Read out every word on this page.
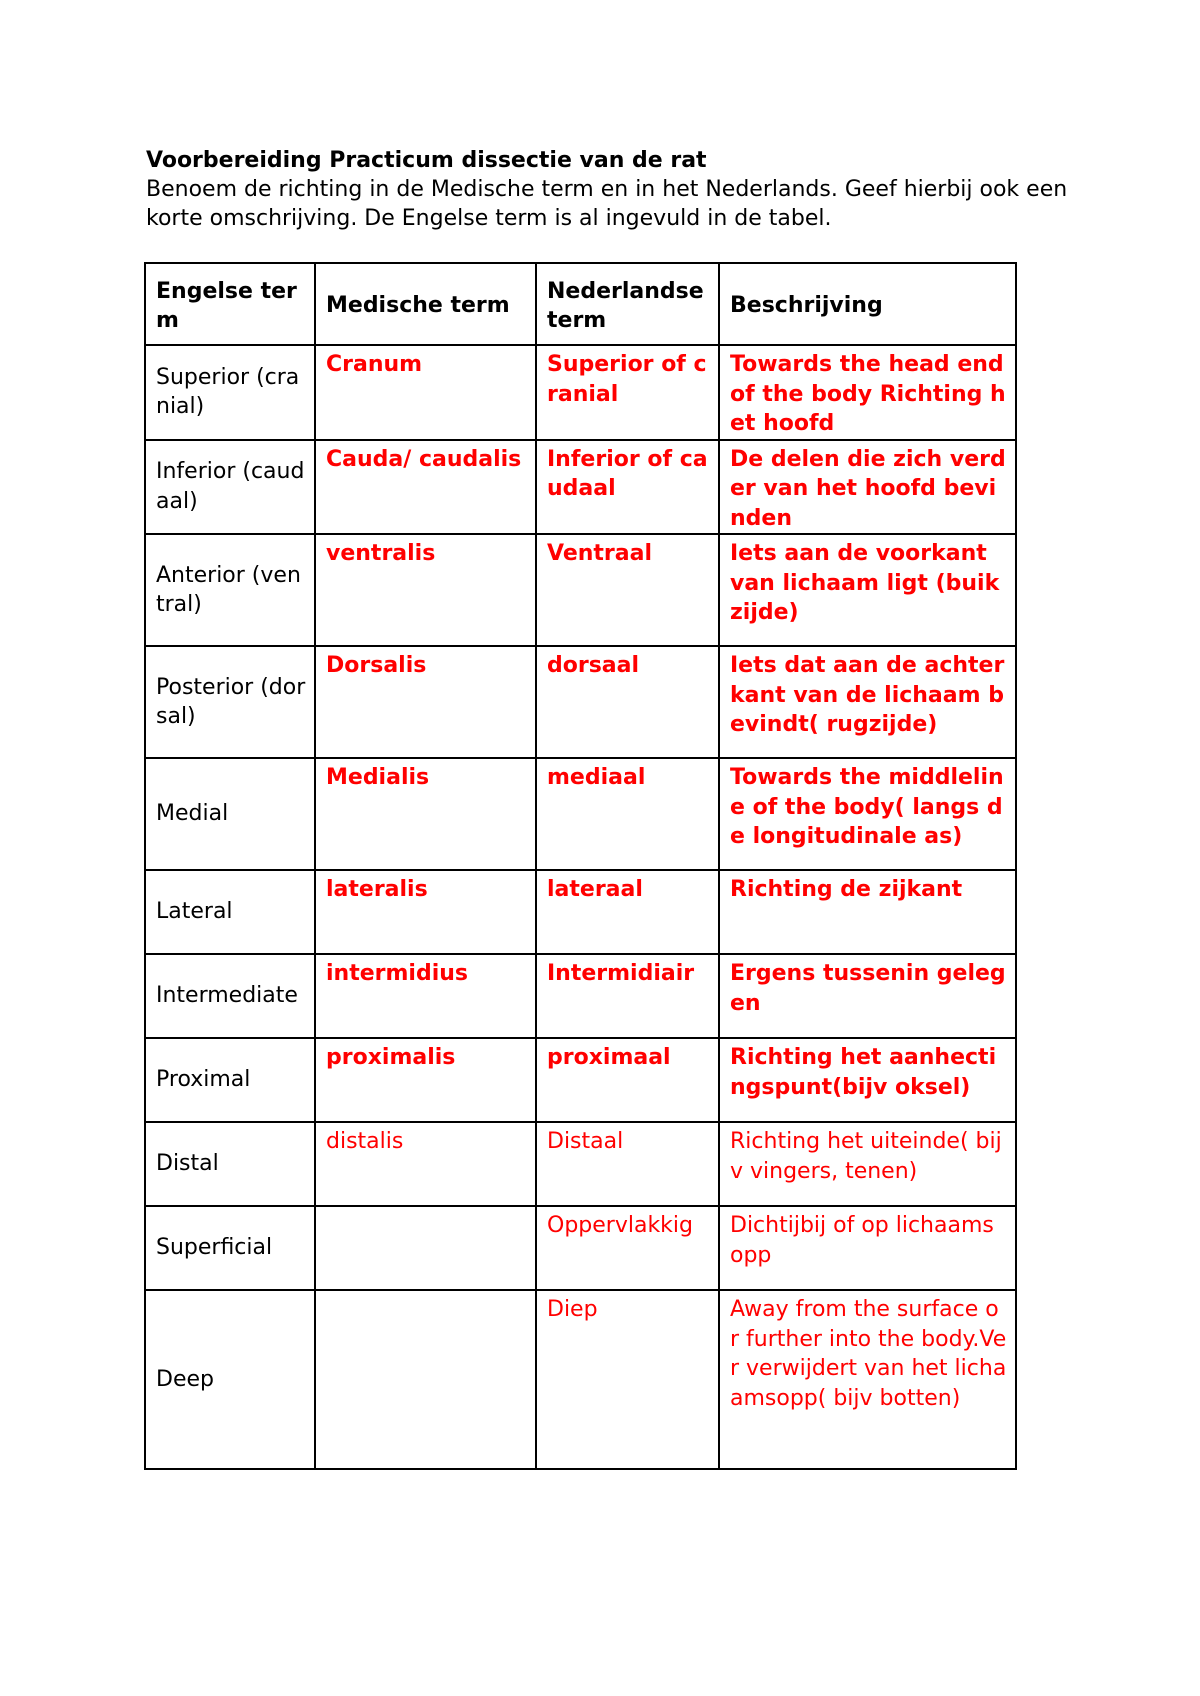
Voorbereiding Practicum dissectie van de rat
Benoem de richting in de Medische term en in het Nederlands. Geef hierbij ook een korte omschrijving. De Engelse term is al ingevuld in de tabel.
Engelse term	Medische term	Nederlandse term	Beschrijving
Superior (cranial)	Cranum	Superior of cranial	Towards the head end of the body Richting het hoofd
Inferior (caudaal)	Cauda/ caudalis	Inferior of caudaal	De delen die zich verder van het hoofd bevinden
Anterior (ventral)	ventralis	Ventraal	Iets aan de voorkant van lichaam ligt (buikzijde)
Posterior (dorsal)	Dorsalis	dorsaal	Iets dat aan de achterkant van de lichaam bevindt( rugzijde)
Medial	Medialis	mediaal	Towards the middleline of the body( langs de longitudinale as)
Lateral	lateralis	lateraal	Richting de zijkant
Intermediate	intermidius	Intermidiair	Ergens tussenin gelegen
Proximal	proximalis	proximaal	Richting het aanhectingspunt(bijv oksel)
Distal	distalis	Distaal	Richting het uiteinde( bijv vingers, tenen)
Superficial		Oppervlakkig	Dichtijbij of op lichaamsopp
Deep		Diep	Away from the surface or further into the body.Ver verwijdert van het lichaamsopp( bijv botten)
